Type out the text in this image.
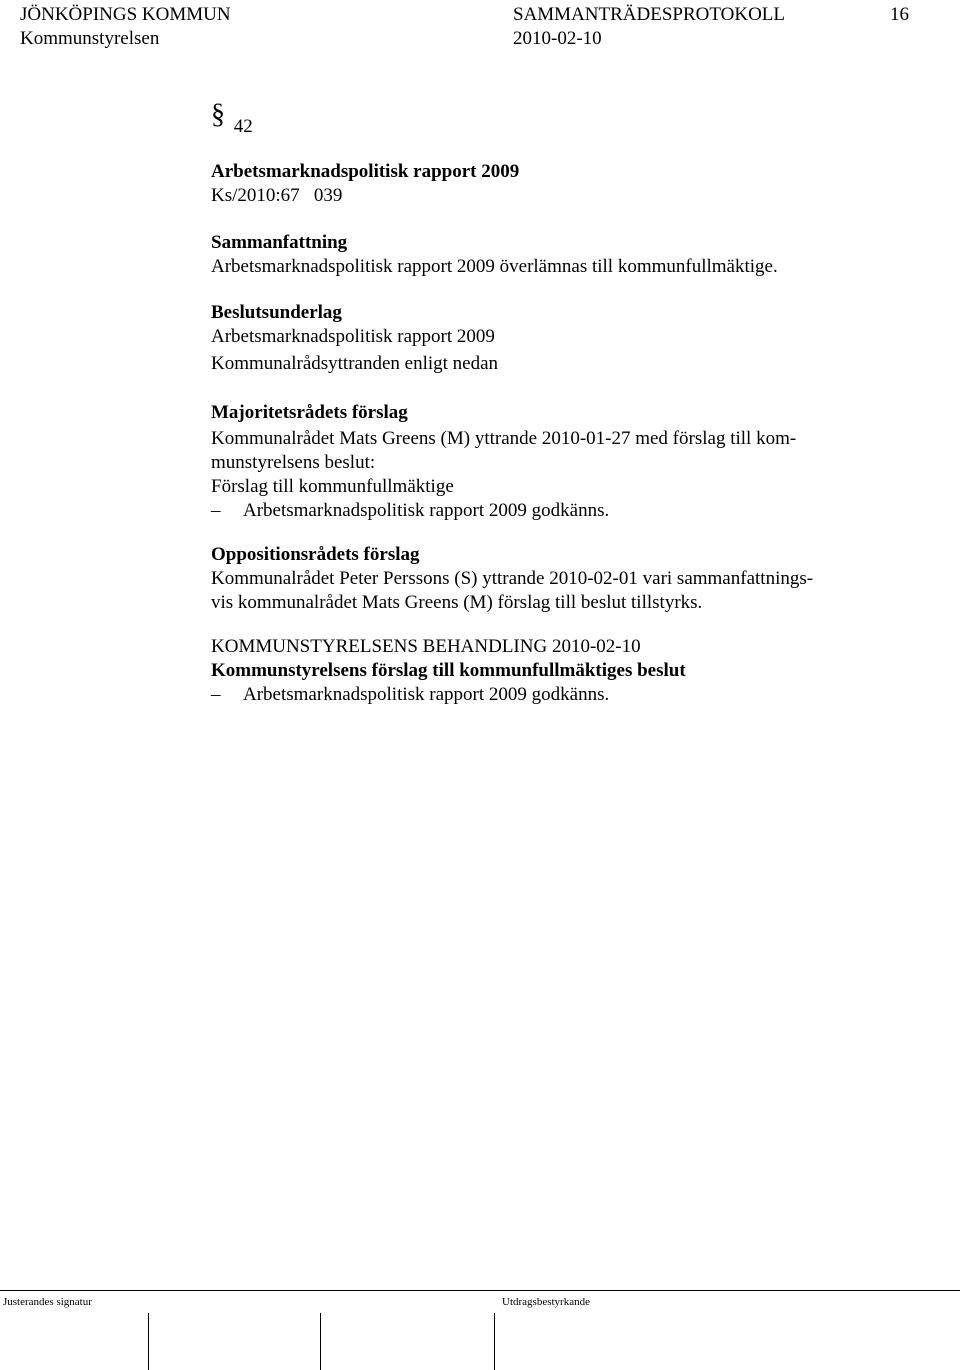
JÖNKÖPINGS KOMMUN	SAMMANTRÄDESPROTOKOLL	16
Kommunstyrelsen	2010-02-10
§ 42
Arbetsmarknadspolitisk rapport 2009
Ks/2010:67   039
Sammanfattning
Arbetsmarknadspolitisk rapport 2009 överlämnas till kommunfullmäktige.
Beslutsunderlag
Arbetsmarknadspolitisk rapport 2009
Kommunalrådsyttranden enligt nedan
Majoritetsrådets förslag
Kommunalrådet Mats Greens (M) yttrande 2010-01-27 med förslag till kom-
munstyrelsens beslut:
Förslag till kommunfullmäktige
– Arbetsmarknadspolitisk rapport 2009 godkänns.
Oppositionsrådets förslag
Kommunalrådet Peter Perssons (S) yttrande 2010-02-01 vari sammanfattnings-
vis kommunalrådet Mats Greens (M) förslag till beslut tillstyrks.
KOMMUNSTYRELSENS BEHANDLING 2010-02-10
Kommunstyrelsens förslag till kommunfullmäktiges beslut
– Arbetsmarknadspolitisk rapport 2009 godkänns.
Justerandes signatur	Utdragsbestyrkande
